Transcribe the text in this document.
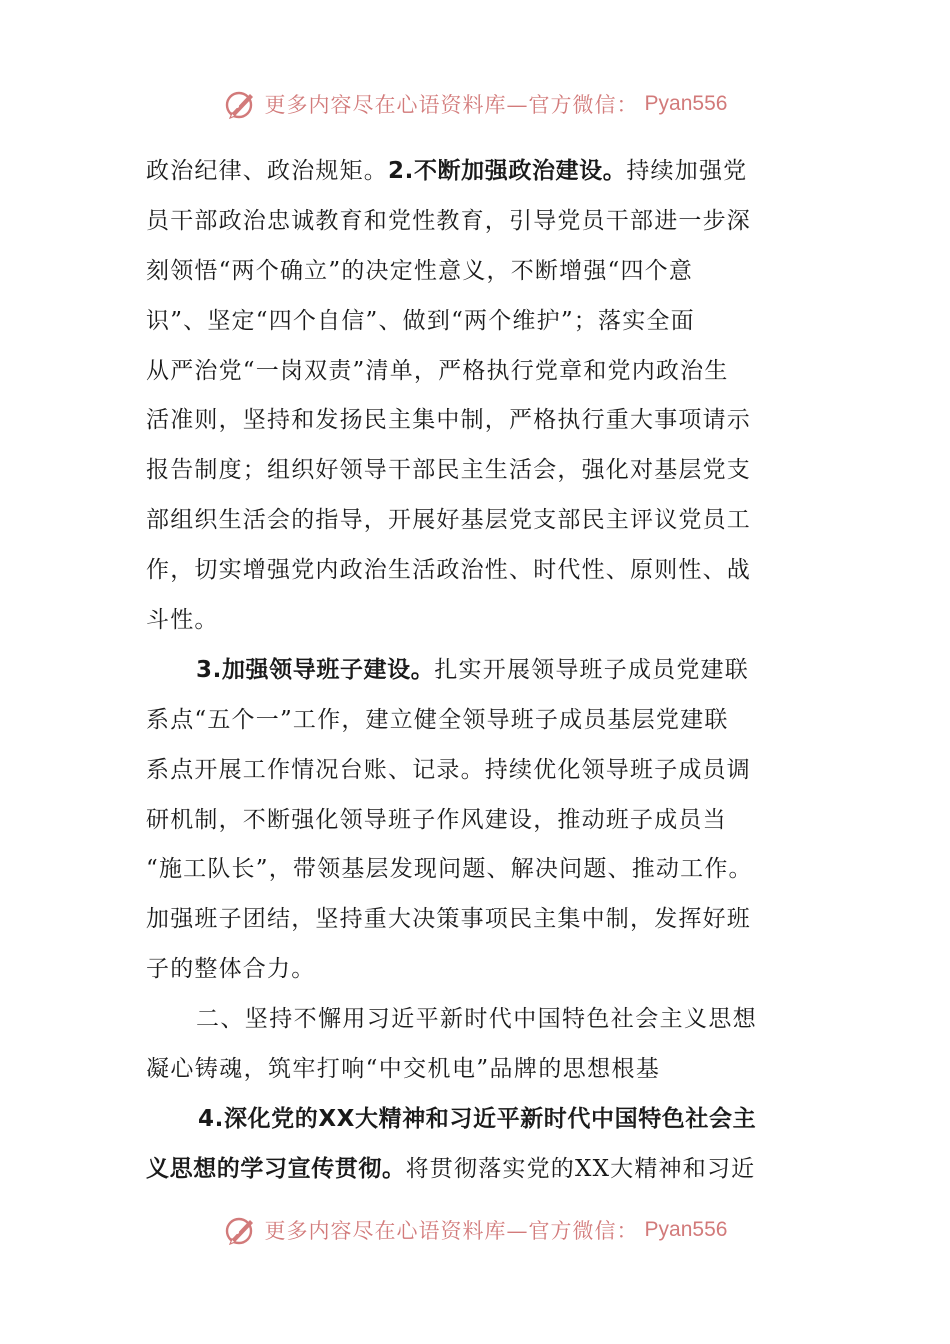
更多内容尽在心语资料库—官方微信： Pyan556
政治纪律、政治规矩。2.不断加强政治建设。持续加强党
员干部政治忠诚教育和党性教育，引导党员干部进一步深
刻领悟“两个确立”的决定性意义，不断增强“四个意
识”、坚定“四个自信”、做到“两个维护”；落实全面
从严治党“一岗双责”清单，严格执行党章和党内政治生
活准则，坚持和发扬民主集中制，严格执行重大事项请示
报告制度；组织好领导干部民主生活会，强化对基层党支
部组织生活会的指导，开展好基层党支部民主评议党员工
作，切实增强党内政治生活政治性、时代性、原则性、战
斗性。
3.加强领导班子建设。扎实开展领导班子成员党建联
系点“五个一”工作，建立健全领导班子成员基层党建联
系点开展工作情况台账、记录。持续优化领导班子成员调
研机制，不断强化领导班子作风建设，推动班子成员当
“施工队长”，带领基层发现问题、解决问题、推动工作。
加强班子团结，坚持重大决策事项民主集中制，发挥好班
子的整体合力。
二、坚持不懈用习近平新时代中国特色社会主义思想
凝心铸魂，筑牢打响“中交机电”品牌的思想根基
4.深化党的XX大精神和习近平新时代中国特色社会主
义思想的学习宣传贯彻。将贯彻落实党的XX大精神和习近
更多内容尽在心语资料库—官方微信： Pyan556
